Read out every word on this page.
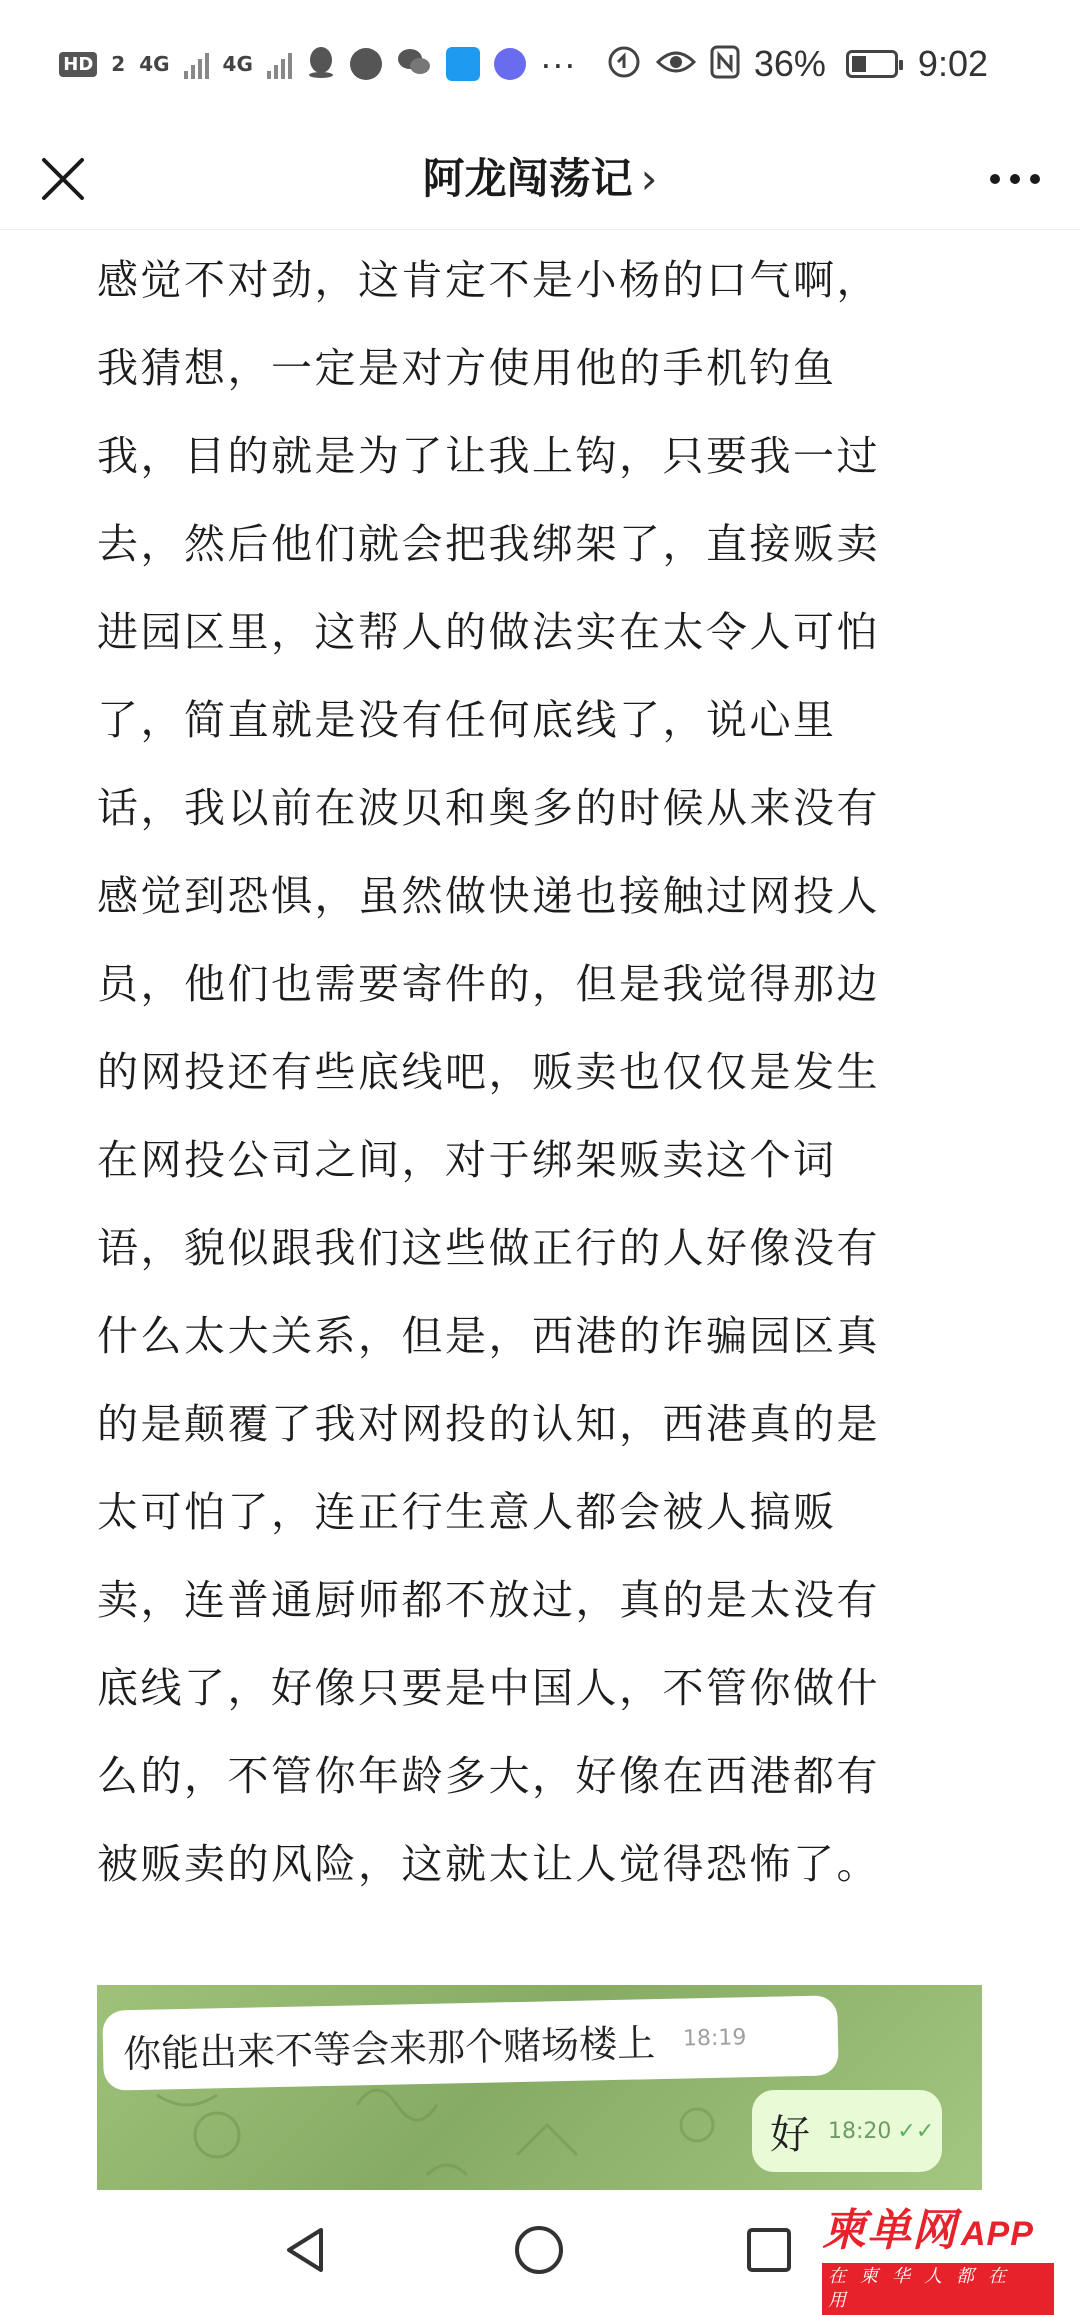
HD 2 4G	4G	···	36%	9:02
阿龙闯荡记 ›

感觉不对劲，这肯定不是小杨的口气啊，

我猜想，一定是对方使用他的手机钓鱼

我，目的就是为了让我上钩，只要我一过

去，然后他们就会把我绑架了，直接贩卖

进园区里，这帮人的做法实在太令人可怕

了，简直就是没有任何底线了，说心里

话，我以前在波贝和奥多的时候从来没有

感觉到恐惧，虽然做快递也接触过网投人

员，他们也需要寄件的，但是我觉得那边

的网投还有些底线吧，贩卖也仅仅是发生

在网投公司之间，对于绑架贩卖这个词

语，貌似跟我们这些做正行的人好像没有

什么太大关系，但是，西港的诈骗园区真

的是颠覆了我对网投的认知，西港真的是

太可怕了，连正行生意人都会被人搞贩

卖，连普通厨师都不放过，真的是太没有

底线了，好像只要是中国人，不管你做什

么的，不管你年龄多大，好像在西港都有

被贩卖的风险，这就太让人觉得恐怖了。

你能出来不等会来那个赌场楼上 18:19
好 18:20 ✓✓
柬单网 APP
在柬华人都在用
